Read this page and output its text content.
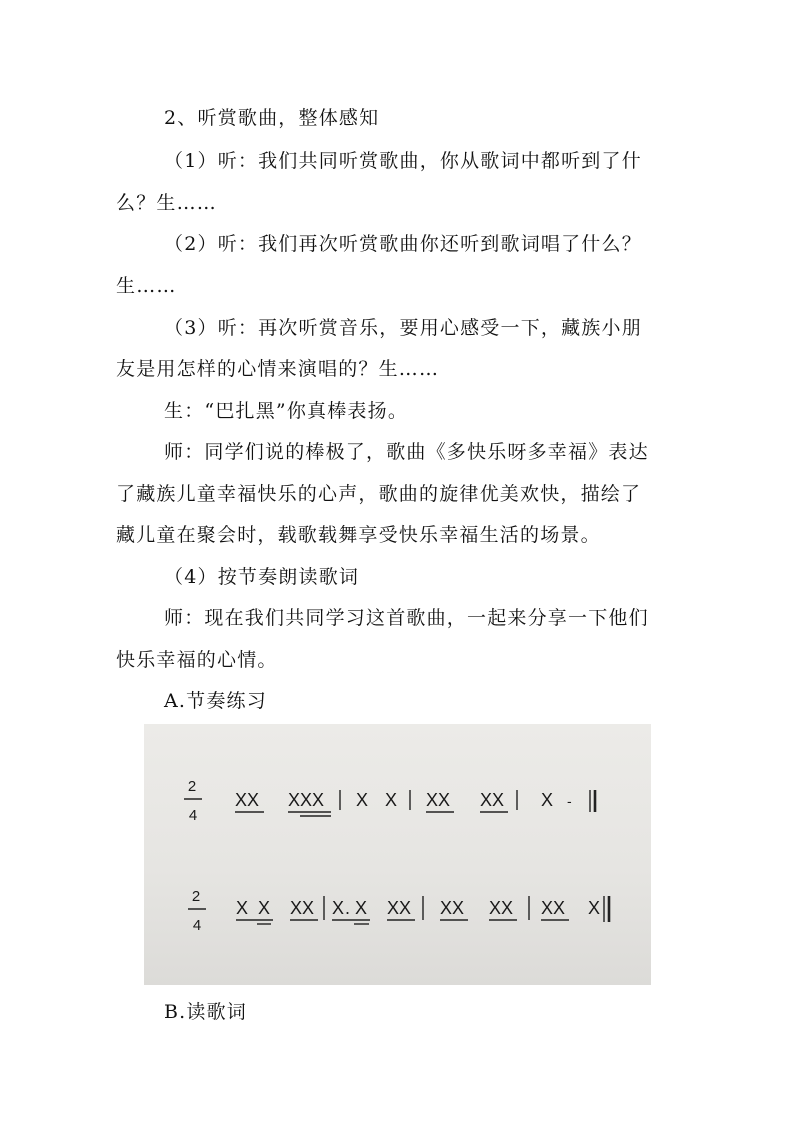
2、听赏歌曲，整体感知

（1）听：我们共同听赏歌曲，你从歌词中都听到了什

么？生……

（2）听：我们再次听赏歌曲你还听到歌词唱了什么？

生……

（3）听：再次听赏音乐，要用心感受一下，藏族小朋

友是用怎样的心情来演唱的？生……

生：“巴扎黑”你真棒表扬。

师：同学们说的棒极了，歌曲《多快乐呀多幸福》表达

了藏族儿童幸福快乐的心声，歌曲的旋律优美欢快，描绘了

藏儿童在聚会时，载歌载舞享受快乐幸福生活的场景。

（4）按节奏朗读歌词

师：现在我们共同学习这首歌曲，一起来分享一下他们

快乐幸福的心情。

A.节奏练习

2
4
XX XXX X X XX XX X -
2
4
X X XX X . X XX XX XX XX X

B.读歌词
